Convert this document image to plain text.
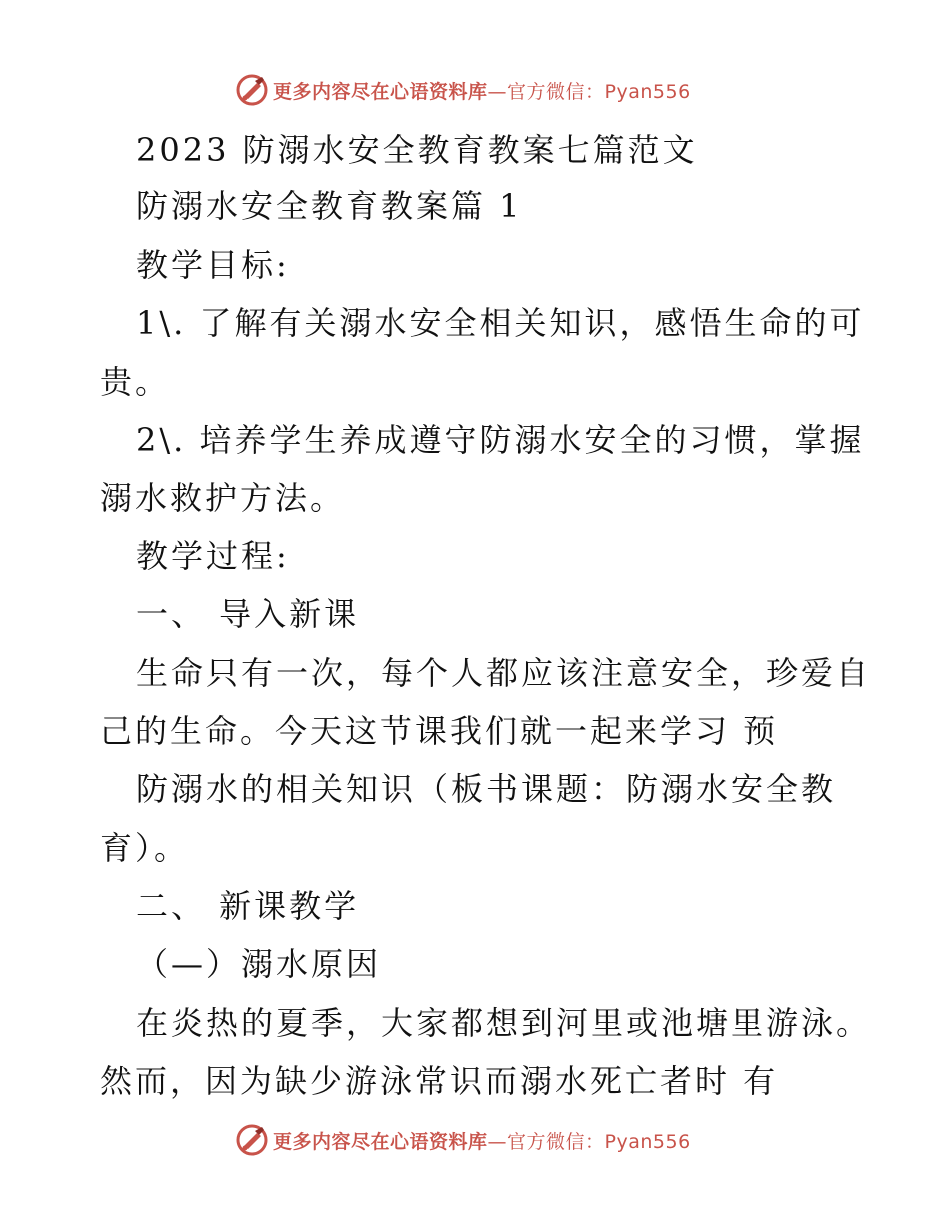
更多内容尽在心语资料库 —官方微信：Pyan556
2023 防溺水安全教育教案七篇范文
防溺水安全教育教案篇 1
教学目标:
1\. 了解有关溺水安全相关知识，感悟生命的可
贵。
2\. 培养学生养成遵守防溺水安全的习惯，掌握
溺水救护方法。
教学过程:
一、 导入新课
生命只有一次，每个人都应该注意安全，珍爱自
己的生命。今天这节课我们就一起来学习 预
防溺水的相关知识（板书课题：防溺水安全教
育）。
二、 新课教学
（—）溺水原因
在炎热的夏季，大家都想到河里或池塘里游泳。
然而，因为缺少游泳常识而溺水死亡者时 有
更多内容尽在心语资料库 —官方微信：Pyan556
